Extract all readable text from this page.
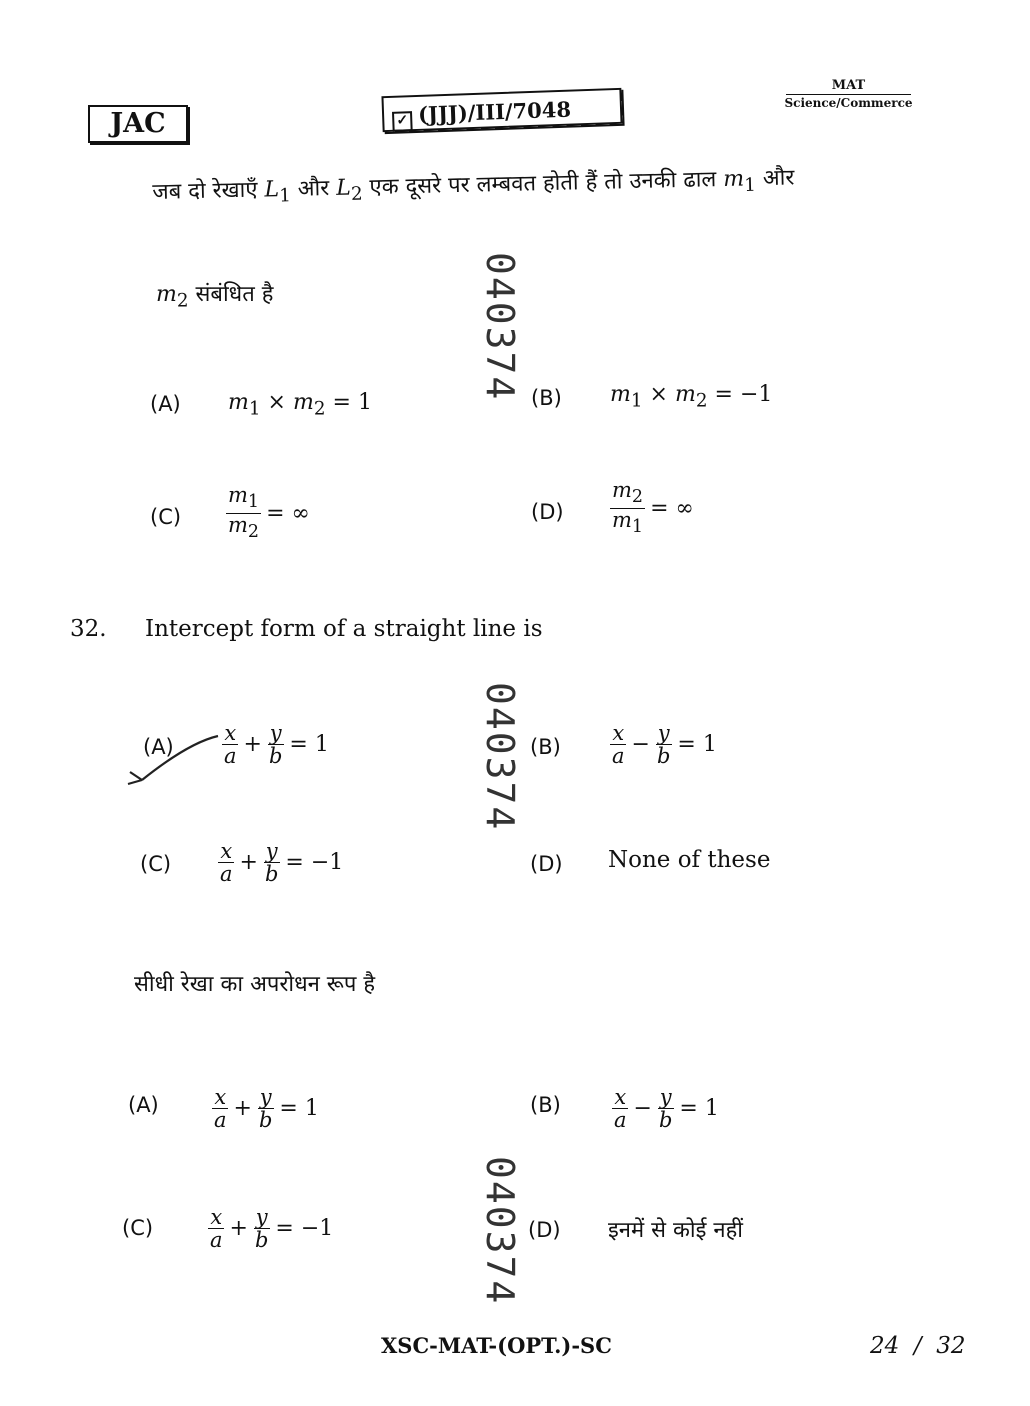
JAC	✓ (JJJ)/III/7048
MAT
Science/Commerce
जब दो रेखाएँ $L_1$ और $L_2$ एक दूसरे पर लम्बवत होती हैं तो उनकी ढाल $m_1$ और
$m_2$ संबंधित है
(A) $m_1 \times m_2 = 1$	(B) $m_1 \times m_2 = -1$
$(C) \frac{m_1}{m_2}$ = ∞	$(D) \frac{m_2}{m_1}$ = ∞
32. Intercept form of a straight line is
$(A) \frac{x}{a} + \frac{y}{b} = 1$	$(B) \frac{x}{a} - \frac{y}{b} = 1$
$(C) \frac{x}{a} + \frac{y}{b} = -1$	(D) None of these
सीधी रेखा का अपरोधन रूप है
(A)	$\frac{x}{a} + \frac{y}{b} = 1$	$(B) \frac{x}{a} - \frac{y}{b} = 1$
(C)	$\frac{x}{a} + \frac{y}{b} = -1$	(D) इनमें से कोई नहीं
040374
040374
040374
XSC-MAT-(OPT.)-SC	24  /  32
